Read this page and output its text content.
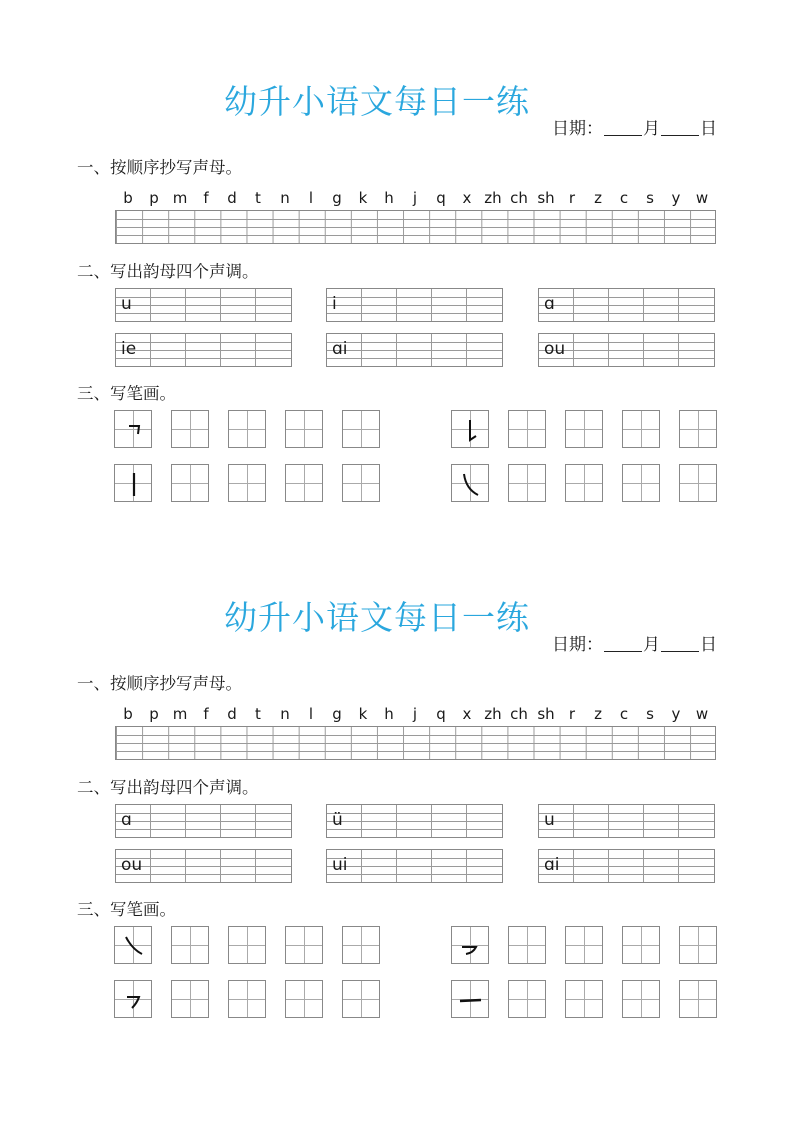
幼升小语文每日一练
日期： 月 日
一、按顺序抄写声母。
b	p m	f	d	t	n	l	g	k	h	j	q	x zh ch sh r	z	c	s	y	w
二、写出韵母四个声调。
u	i	ɑ
ie	ɑi	ou
三、写笔画。
幼升小语文每日一练
日期： 月 日
一、按顺序抄写声母。
b	p m	f	d	t	n	l	g	k	h	j	q	x zh ch sh r	z	c	s	y	w
二、写出韵母四个声调。
ɑ	ü	u
ou	ui	ɑi
三、写笔画。
